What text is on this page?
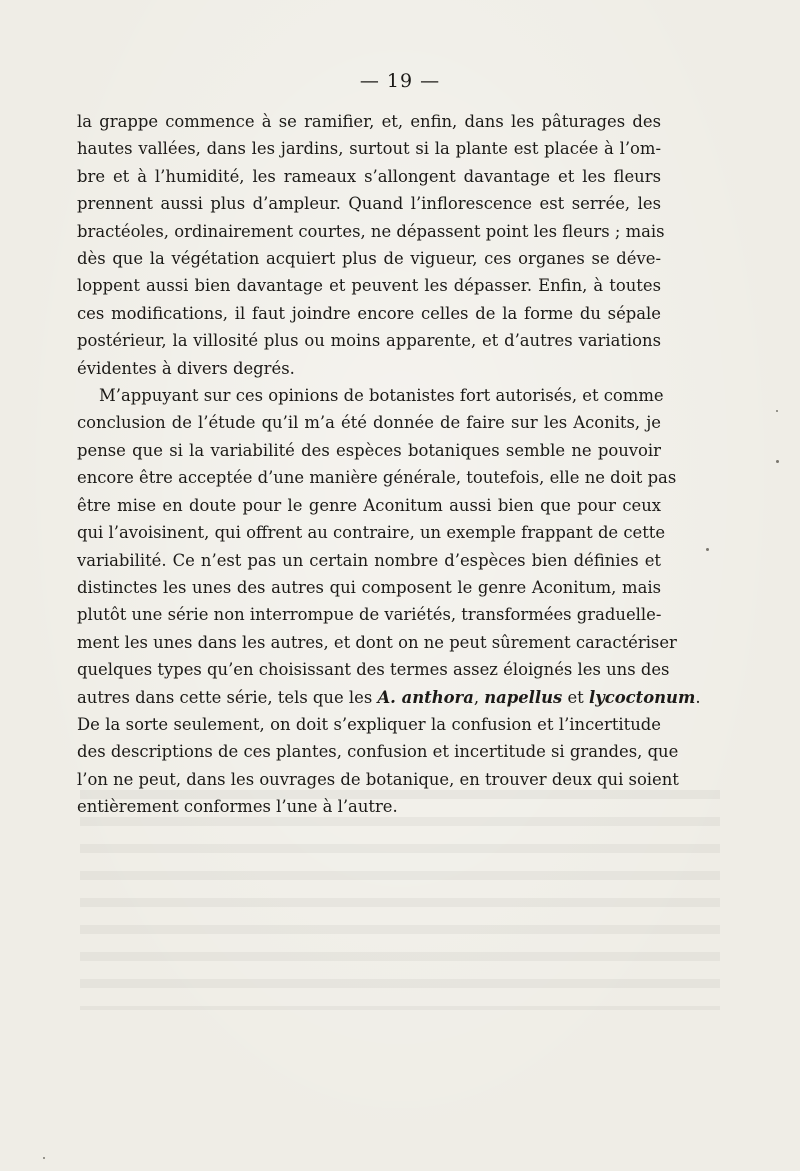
— 19 —
la grappe commence à se ramifier, et, enfin, dans les pâturages des
hautes vallées, dans les jardins, surtout si la plante est placée à l’om-
bre et à l’humidité, les rameaux s’allongent davantage et les fleurs
prennent aussi plus d’ampleur. Quand l’inflorescence est serrée, les
bractéoles, ordinairement courtes, ne dépassent point les fleurs ; mais
dès que la végétation acquiert plus de vigueur, ces organes se déve-
loppent aussi bien davantage et peuvent les dépasser. Enfin, à toutes
ces modifications, il faut joindre encore celles de la forme du sépale
postérieur, la villosité plus ou moins apparente, et d’autres variations
évidentes à divers degrés.
M’appuyant sur ces opinions de botanistes fort autorisés, et comme
conclusion de l’étude qu’il m’a été donnée de faire sur les Aconits, je
pense que si la variabilité des espèces botaniques semble ne pouvoir
encore être acceptée d’une manière générale, toutefois, elle ne doit pas
être mise en doute pour le genre Aconitum aussi bien que pour ceux
qui l’avoisinent, qui offrent au contraire, un exemple frappant de cette
variabilité. Ce n’est pas un certain nombre d’espèces bien définies et
distinctes les unes des autres qui composent le genre Aconitum, mais
plutôt une série non interrompue de variétés, transformées graduelle-
ment les unes dans les autres, et dont on ne peut sûrement caractériser
quelques types qu’en choisissant des termes assez éloignés les uns des
autres dans cette série, tels que les A. anthora, napellus et lycoctonum.
De la sorte seulement, on doit s’expliquer la confusion et l’incertitude
des descriptions de ces plantes, confusion et incertitude si grandes, que
l’on ne peut, dans les ouvrages de botanique, en trouver deux qui soient
entièrement conformes l’une à l’autre.
